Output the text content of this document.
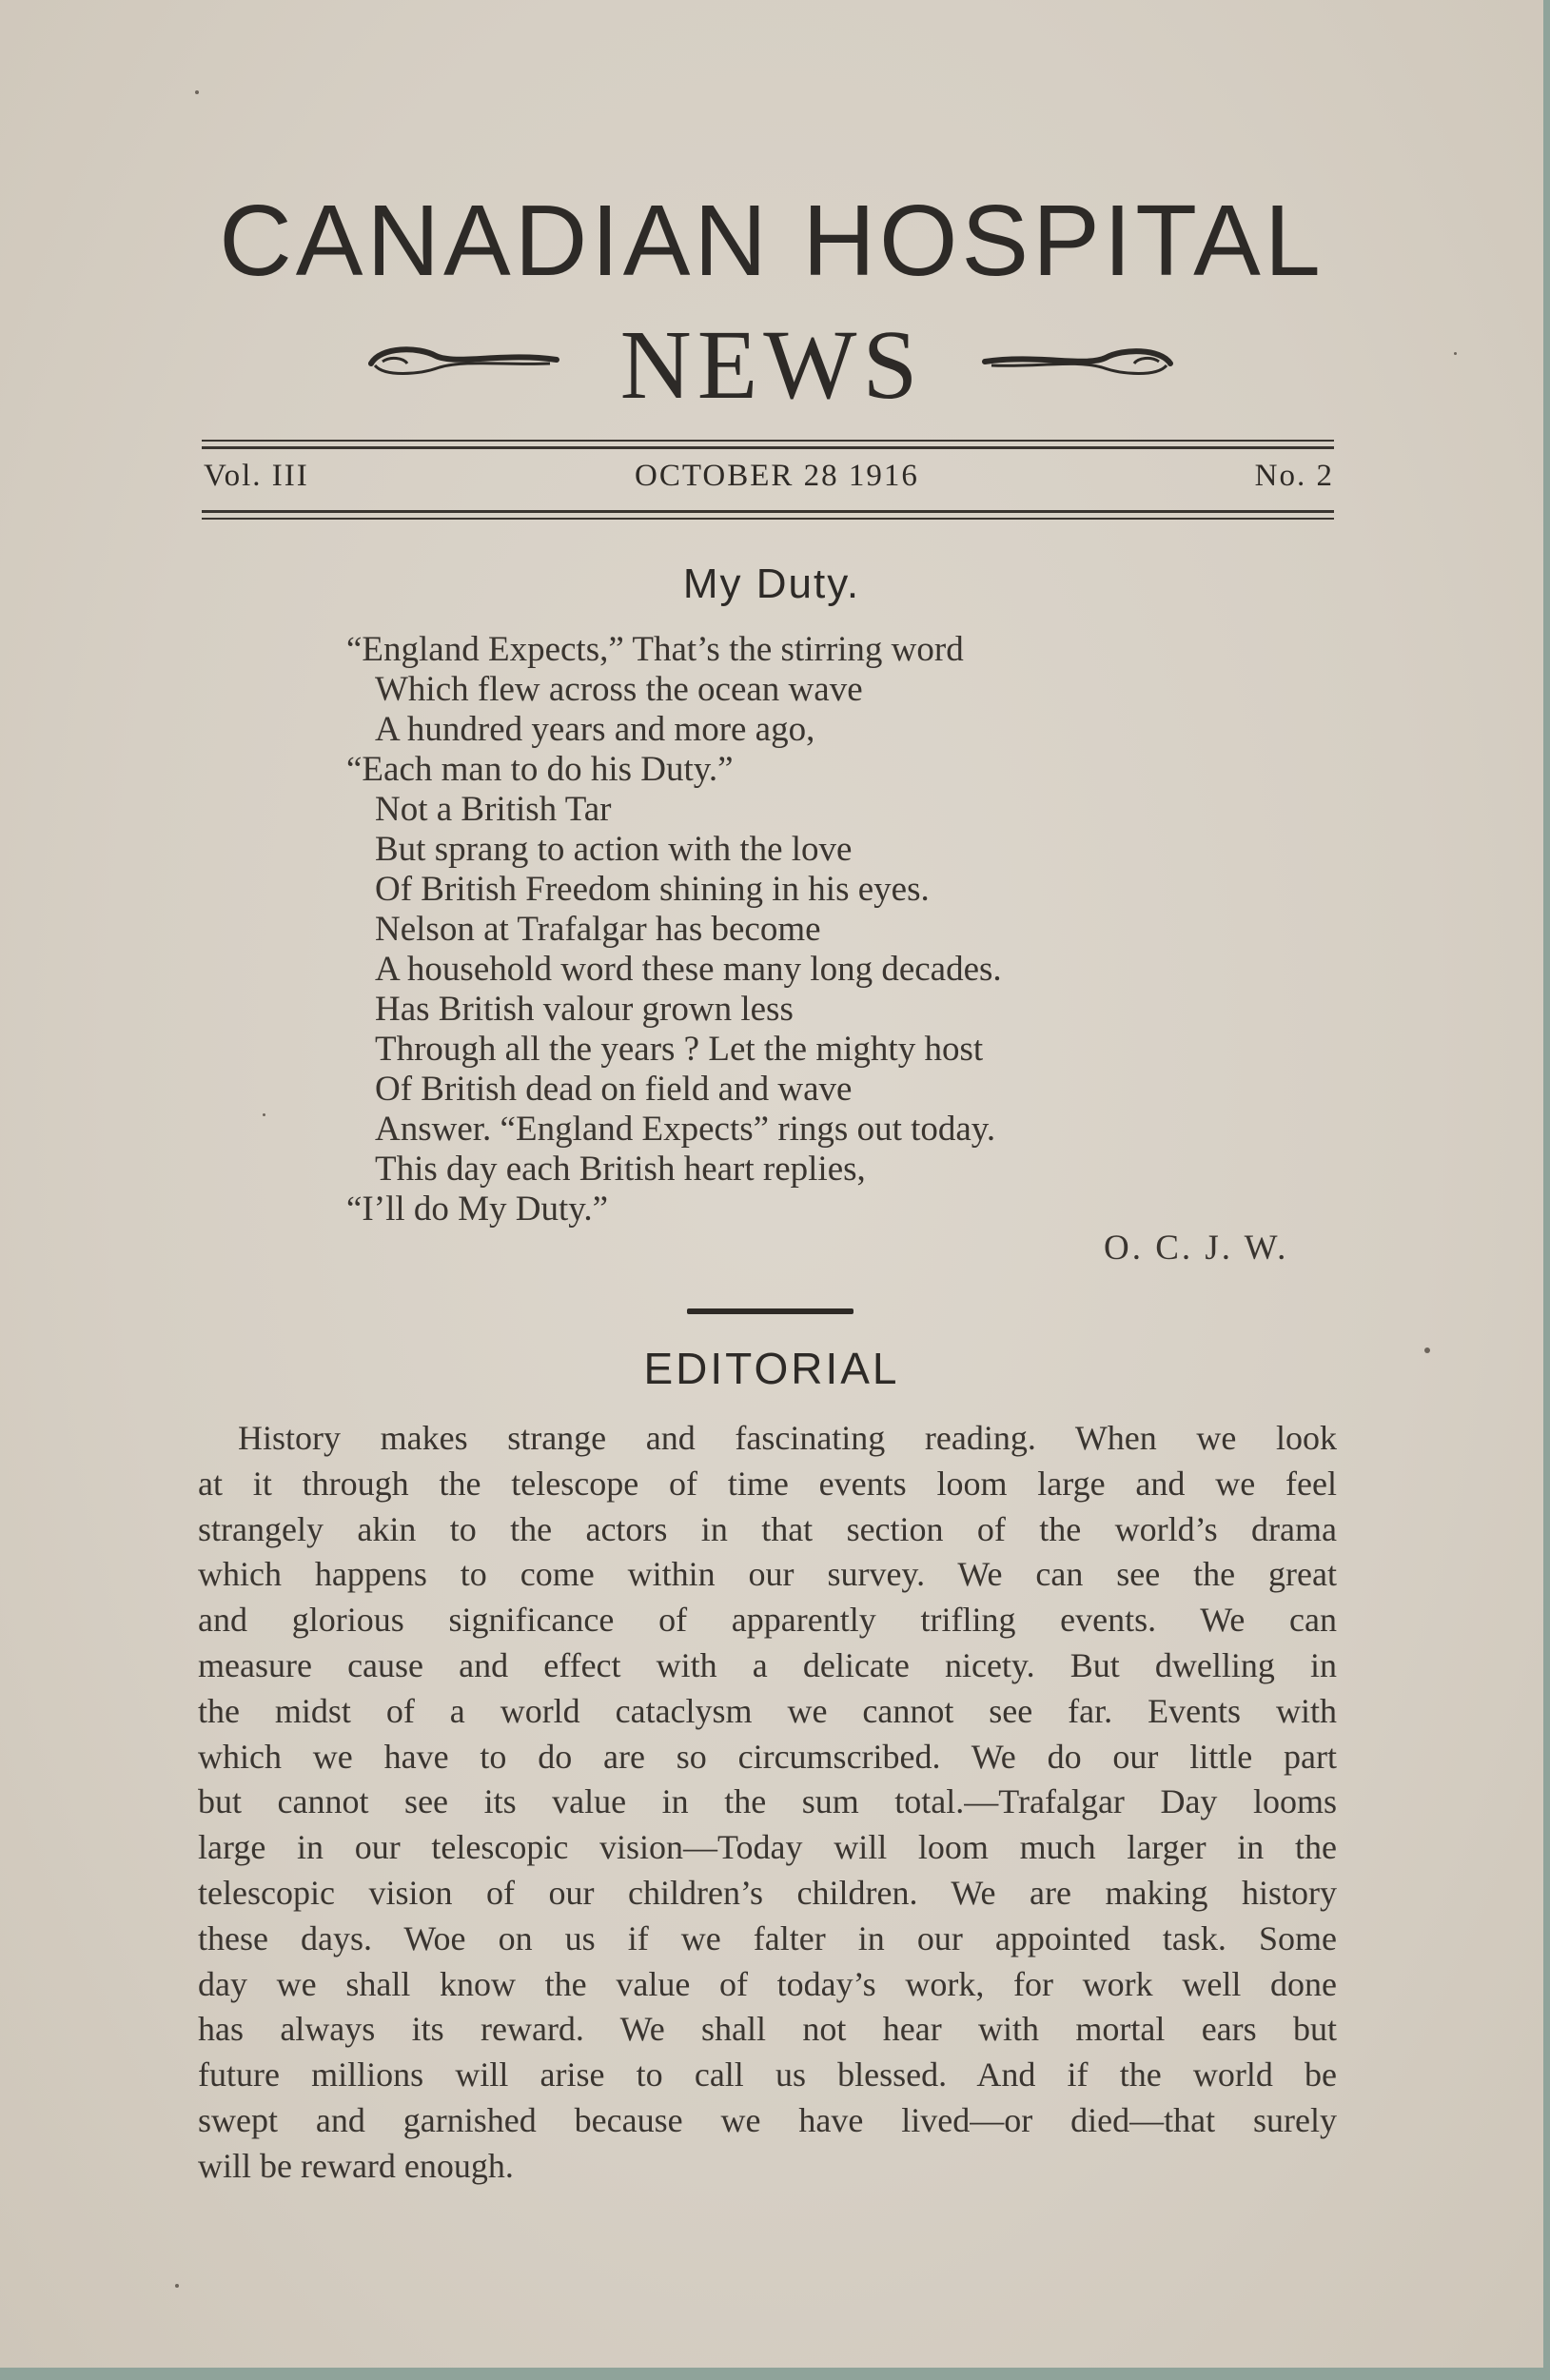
CANADIAN HOSPITAL
NEWS
Vol. III	OCTOBER 28 1916	No. 2
My Duty.
“England Expects,” That’s the stirring word
Which flew across the ocean wave
A hundred years and more ago,
“Each man to do his Duty.”
Not a British Tar
But sprang to action with the love
Of British Freedom shining in his eyes.
Nelson at Trafalgar has become
A household word these many long decades.
Has British valour grown less
Through all the years ? Let the mighty host
Of British dead on field and wave
Answer. “England Expects” rings out today.
This day each British heart replies,
“I’ll do My Duty.”
O. C. J. W.
EDITORIAL
History makes strange and fascinating reading. When we look
at it through the telescope of time events loom large and we feel
strangely akin to the actors in that section of the world’s drama
which happens to come within our survey. We can see the great
and glorious significance of apparently trifling events. We can
measure cause and effect with a delicate nicety. But dwelling in
the midst of a world cataclysm we cannot see far. Events with
which we have to do are so circumscribed. We do our little part
but cannot see its value in the sum total.—Trafalgar Day looms
large in our telescopic vision—Today will loom much larger in the
telescopic vision of our children’s children. We are making history
these days. Woe on us if we falter in our appointed task. Some
day we shall know the value of today’s work, for work well done
has always its reward. We shall not hear with mortal ears but
future millions will arise to call us blessed. And if the world be
swept and garnished because we have lived—or died—that surely
will be reward enough.
